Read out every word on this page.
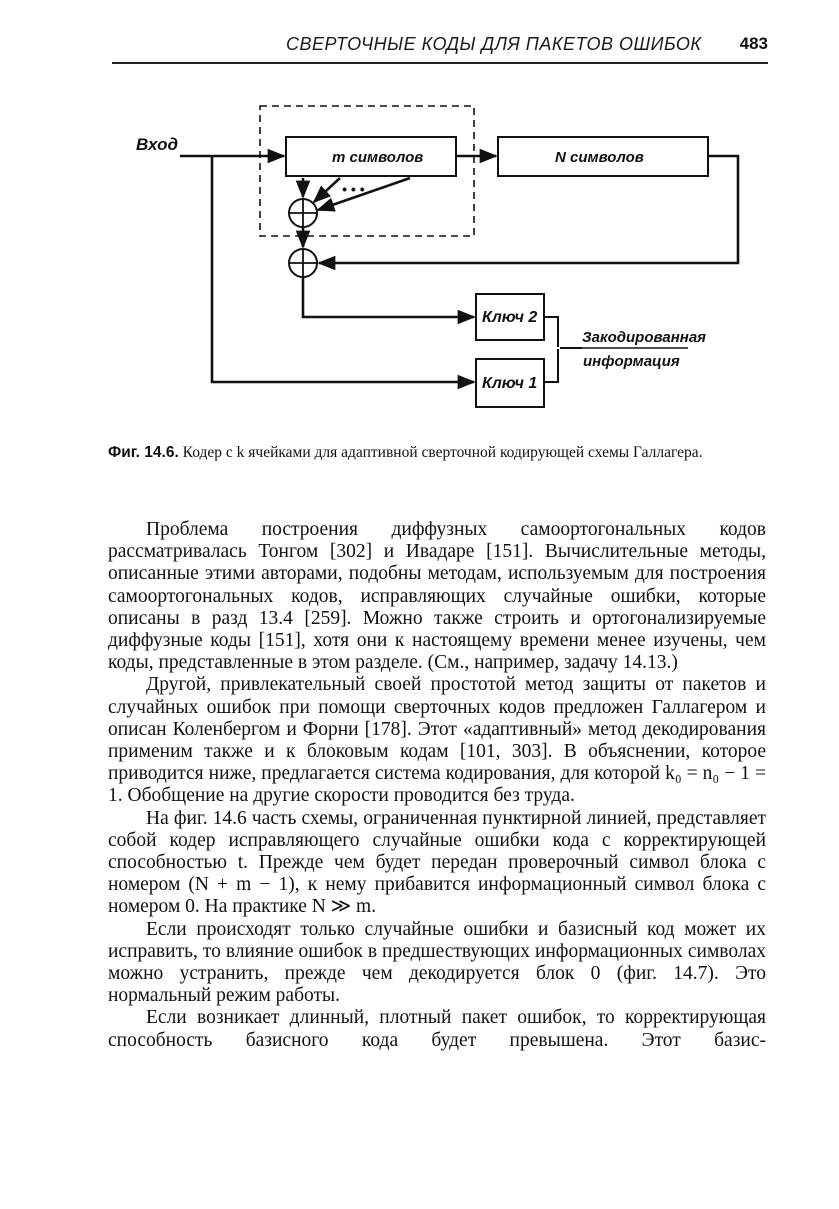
СВЕРТОЧНЫЕ КОДЫ ДЛЯ ПАКЕТОВ ОШИБОК 483
Вход
m символов	N символов
• • •
Ключ 2
Ключ 1
Закодированная
информация
Фиг. 14.6. Кодер с k ячейками для адаптивной сверточной кодирующей схемы Галлагера.

Проблема построения диффузных самоортогональных кодов рассматривалась Тонгом [302] и Ивадаре [151]. Вычислительные методы, описанные этими авторами, подобны методам, используемым для построения самоортогональных кодов, исправляющих случайные ошибки, которые описаны в разд 13.4 [259]. Можно также строить и ортогонализируемые диффузные коды [151], хотя они к настоящему времени менее изучены, чем коды, представленные в этом разделе. (См., например, задачу 14.13.)

Другой, привлекательный своей простотой метод защиты от пакетов и случайных ошибок при помощи сверточных кодов предложен Галлагером и описан Коленбергом и Форни [178]. Этот «адаптивный» метод декодирования применим также и к блоковым кодам [101, 303]. В объяснении, которое приводится ниже, предлагается система кодирования, для которой k₀ = n₀ − 1 = 1. Обобщение на другие скорости проводится без труда.

На фиг. 14.6 часть схемы, ограниченная пунктирной линией, представляет собой кодер исправляющего случайные ошибки кода с корректирующей способностью t. Прежде чем будет передан проверочный символ блока с номером (N + m − 1), к нему прибавится информационный символ блока с номером 0. На практике N ≫ m.

Если происходят только случайные ошибки и базисный код может их исправить, то влияние ошибок в предшествующих информационных символах можно устранить, прежде чем декодируется блок 0 (фиг. 14.7). Это нормальный режим работы.

Если возникает длинный, плотный пакет ошибок, то корректирующая способность базисного кода будет превышена. Этот базис-
